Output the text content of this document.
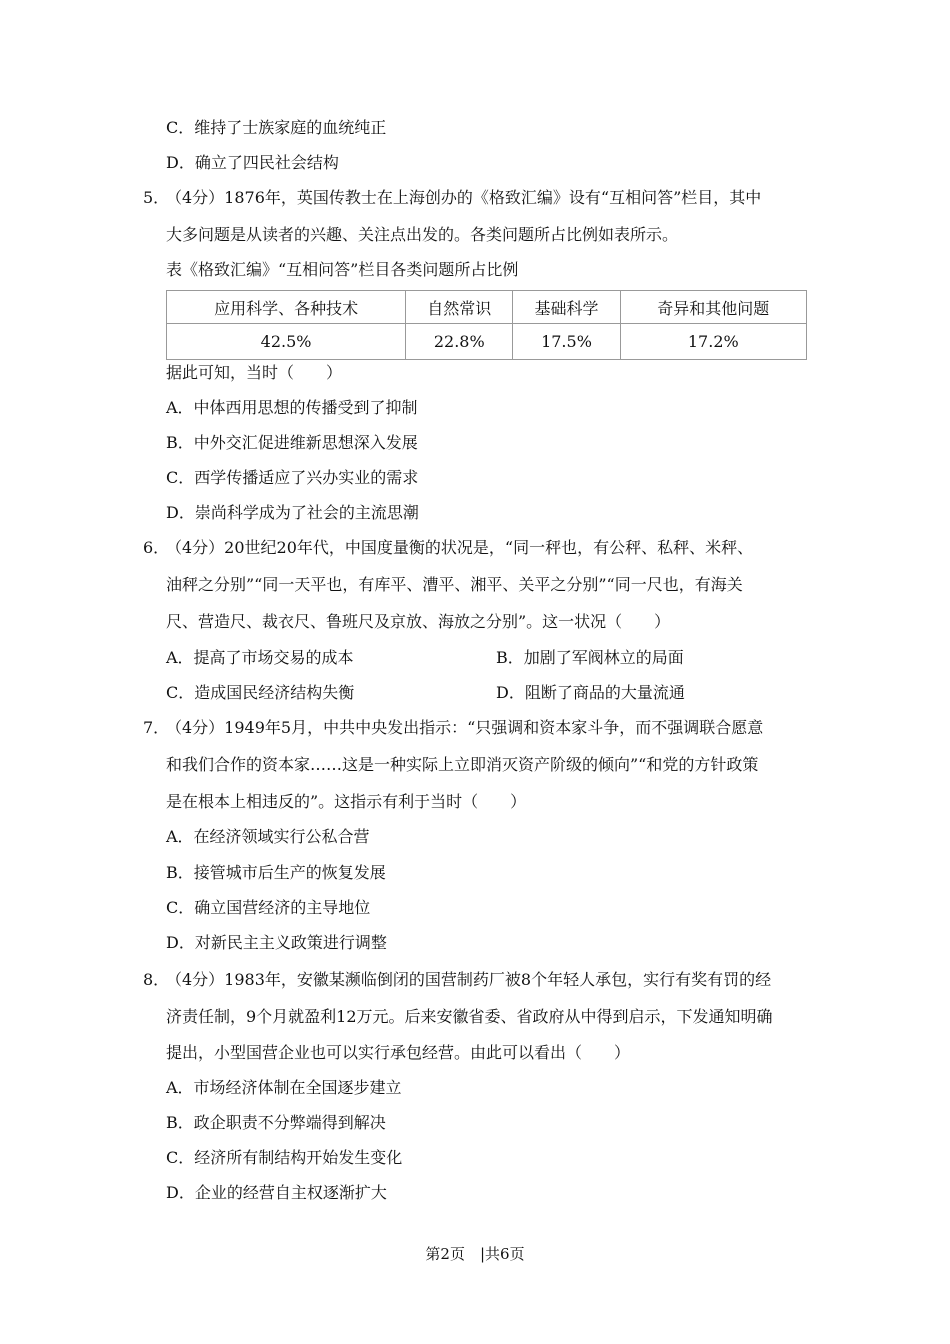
C．维持了士族家庭的血统纯正
D．确立了四民社会结构
5．
（4分）1876年，英国传教士在上海创办的《格致汇编》设有“互相问答”栏目，其中
大多问题是从读者的兴趣、关注点出发的。各类问题所占比例如表所示。
表《格致汇编》“互相问答”栏目各类问题所占比例
应用科学、各种技术	自然常识	基础科学	奇异和其他问题
42.5%	22.8%	17.5%	17.2%
据此可知，当时（　　）
A．中体西用思想的传播受到了抑制
B．中外交汇促进维新思想深入发展
C．西学传播适应了兴办实业的需求
D．崇尚科学成为了社会的主流思潮
6．
（4分）20世纪20年代，中国度量衡的状况是，“同一秤也，有公秤、私秤、米秤、
油秤之分别”“同一天平也，有库平、漕平、湘平、关平之分别”“同一尺也，有海关
尺、营造尺、裁衣尺、鲁班尺及京放、海放之分别”。这一状况（　　）
A．提高了市场交易的成本	B．加剧了军阀林立的局面
C．造成国民经济结构失衡	D．阻断了商品的大量流通
7．
（4分）1949年5月，中共中央发出指示：“只强调和资本家斗争，而不强调联合愿意
和我们合作的资本家……这是一种实际上立即消灭资产阶级的倾向”“和党的方针政策
是在根本上相违反的”。这指示有利于当时（　　）
A．在经济领域实行公私合营
B．接管城市后生产的恢复发展
C．确立国营经济的主导地位
D．对新民主主义政策进行调整
8．
（4分）1983年，安徽某濒临倒闭的国营制药厂被8个年轻人承包，实行有奖有罚的经
济责任制，9个月就盈利12万元。后来安徽省委、省政府从中得到启示，下发通知明确
提出，小型国营企业也可以实行承包经营。由此可以看出（　　）
A．市场经济体制在全国逐步建立
B．政企职责不分弊端得到解决
C．经济所有制结构开始发生变化
D．企业的经营自主权逐渐扩大
第2页　|共6页
